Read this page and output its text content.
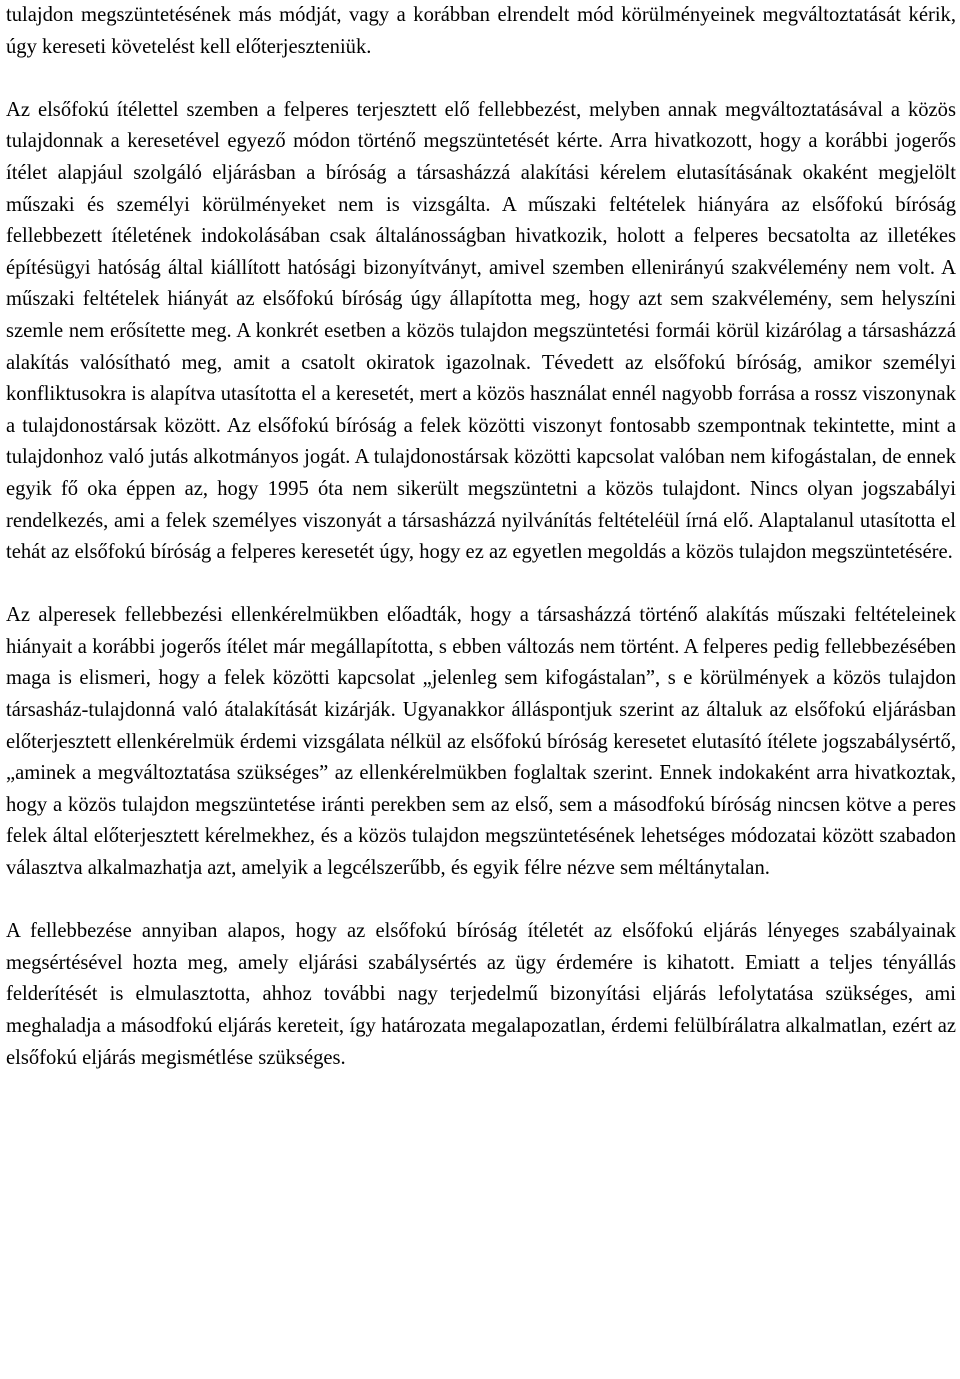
tulajdon megszüntetésének más módját, vagy a korábban elrendelt mód körülményeinek megváltoztatását kérik, úgy kereseti követelést kell előterjeszteniük.

Az elsőfokú ítélettel szemben a felperes terjesztett elő fellebbezést, melyben annak megváltoztatásával a közös tulajdonnak a keresetével egyező módon történő megszüntetését kérte. Arra hivatkozott, hogy a korábbi jogerős ítélet alapjául szolgáló eljárásban a bíróság a társasházzá alakítási kérelem elutasításának okaként megjelölt műszaki és személyi körülményeket nem is vizsgálta. A műszaki feltételek hiányára az elsőfokú bíróság fellebbezett ítéletének indokolásában csak általánosságban hivatkozik, holott a felperes becsatolta az illetékes építésügyi hatóság által kiállított hatósági bizonyítványt, amivel szemben ellenirányú szakvélemény nem volt. A műszaki feltételek hiányát az elsőfokú bíróság úgy állapította meg, hogy azt sem szakvélemény, sem helyszíni szemle nem erősítette meg. A konkrét esetben a közös tulajdon megszüntetési formái körül kizárólag a társasházzá alakítás valósítható meg, amit a csatolt okiratok igazolnak. Tévedett az elsőfokú bíróság, amikor személyi konfliktusokra is alapítva utasította el a keresetét, mert a közös használat ennél nagyobb forrása a rossz viszonynak a tulajdonostársak között. Az elsőfokú bíróság a felek közötti viszonyt fontosabb szempontnak tekintette, mint a tulajdonhoz való jutás alkotmányos jogát. A tulajdonostársak közötti kapcsolat valóban nem kifogástalan, de ennek egyik fő oka éppen az, hogy 1995 óta nem sikerült megszüntetni a közös tulajdont. Nincs olyan jogszabályi rendelkezés, ami a felek személyes viszonyát a társasházzá nyilvánítás feltételéül írná elő. Alaptalanul utasította el tehát az elsőfokú bíróság a felperes keresetét úgy, hogy ez az egyetlen megoldás a közös tulajdon megszüntetésére.

Az alperesek fellebbezési ellenkérelmükben előadták, hogy a társasházzá történő alakítás műszaki feltételeinek hiányait a korábbi jogerős ítélet már megállapította, s ebben változás nem történt. A felperes pedig fellebbezésében maga is elismeri, hogy a felek közötti kapcsolat „jelenleg sem kifogástalan”, s e körülmények a közös tulajdon társasház-tulajdonná való átalakítását kizárják. Ugyanakkor álláspontjuk szerint az általuk az elsőfokú eljárásban előterjesztett ellenkérelmük érdemi vizsgálata nélkül az elsőfokú bíróság keresetet elutasító ítélete jogszabálysértő, „aminek a megváltoztatása szükséges” az ellenkérelmükben foglaltak szerint. Ennek indokaként arra hivatkoztak, hogy a közös tulajdon megszüntetése iránti perekben sem az első, sem a másodfokú bíróság nincsen kötve a peres felek által előterjesztett kérelmekhez, és a közös tulajdon megszüntetésének lehetséges módozatai között szabadon választva alkalmazhatja azt, amelyik a legcélszerűbb, és egyik félre nézve sem méltánytalan.

A fellebbezése annyiban alapos, hogy az elsőfokú bíróság ítéletét az elsőfokú eljárás lényeges szabályainak megsértésével hozta meg, amely eljárási szabálysértés az ügy érdemére is kihatott. Emiatt a teljes tényállás felderítését is elmulasztotta, ahhoz további nagy terjedelmű bizonyítási eljárás lefolytatása szükséges, ami meghaladja a másodfokú eljárás kereteit, így határozata megalapozatlan, érdemi felülbírálatra alkalmatlan, ezért az elsőfokú eljárás megismétlése szükséges.
